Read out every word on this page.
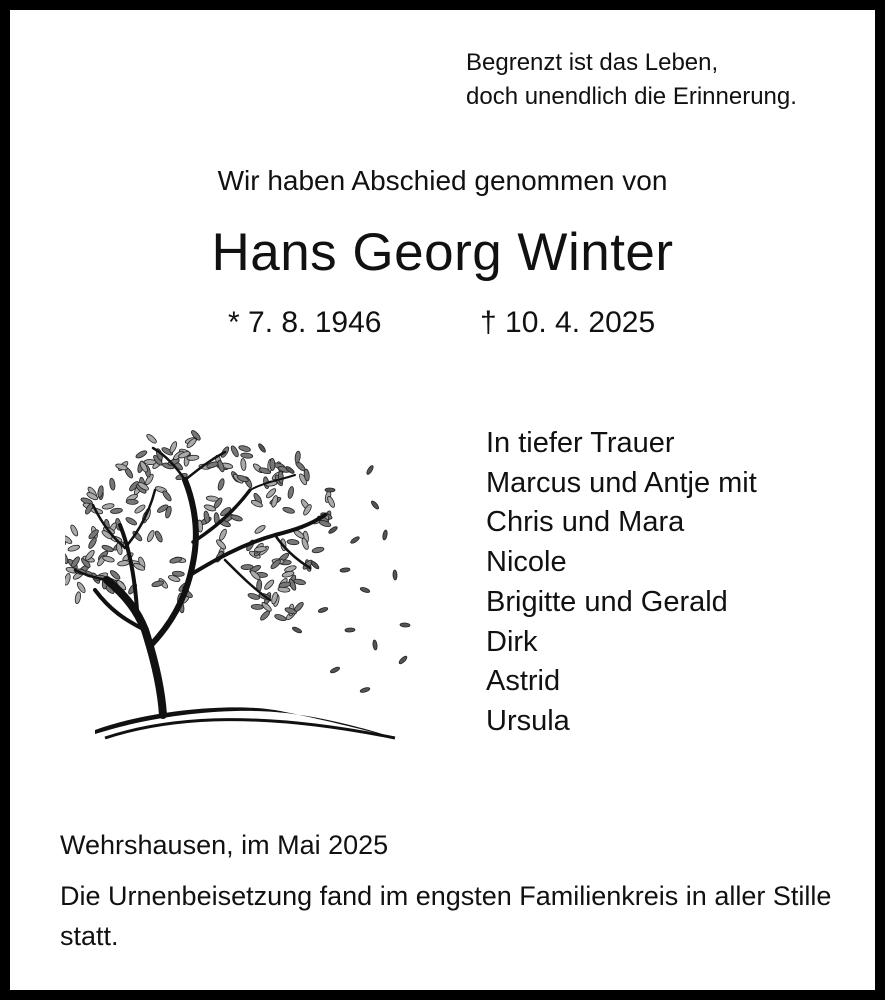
Begrenzt ist das Leben,
doch unendlich die Erinnerung.
Wir haben Abschied genommen von
Hans Georg Winter
* 7. 8. 1946	† 10. 4. 2025
In tiefer Trauer
Marcus und Antje mit
Chris und Mara
Nicole
Brigitte und Gerald
Dirk
Astrid
Ursula
Wehrshausen, im Mai 2025
Die Urnenbeisetzung fand im engsten Familienkreis in aller Stille statt.
